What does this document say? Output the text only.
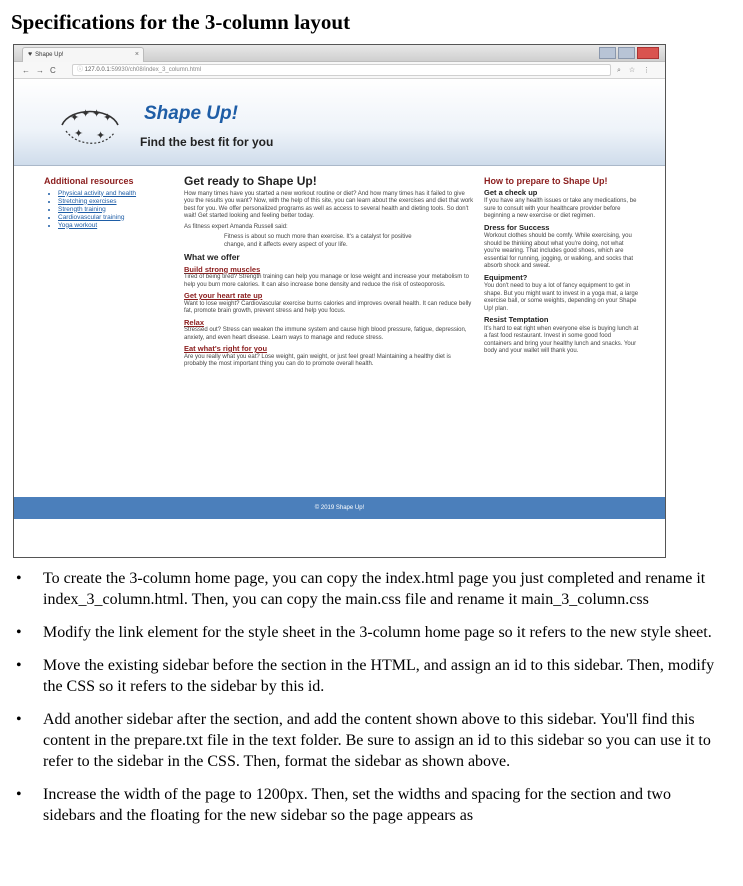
Specifications for the 3-column layout
♥ Shape Up!	×
← → C	ⓘ 127.0.0.1:59930/ch08/index_3_column.html	⌕ ☆ ⋮
✦ ✦ ✦ ✦
✦ ✦
Shape Up!
Find the best fit for you
Additional resources
• Physical activity and health
• Stretching exercises
• Strength training
• Cardiovascular training
• Yoga workout
Get ready to Shape Up!

How many times have you started a new workout routine or diet? And how many times has it failed to give you the results you want? Now, with the help of this site, you can learn about the exercises and diet that work best for you. We offer personalized programs as well as access to several health and dieting tools. So don't wait! Get started looking and feeling better today.

As fitness expert Amanda Russell said:

Fitness is about so much more than exercise. It's a catalyst for positive change, and it affects every aspect of your life.
What we offer
Build strong muscles

Tired of being tired? Strength training can help you manage or lose weight and increase your metabolism to help you burn more calories. It can also increase bone density and reduce the risk of osteoporosis.

Get your heart rate up

Want to lose weight? Cardiovascular exercise burns calories and improves overall health. It can reduce belly fat, promote brain growth, prevent stress and help you focus.

Relax

Stressed out? Stress can weaken the immune system and cause high blood pressure, fatigue, depression, anxiety, and even heart disease. Learn ways to manage and reduce stress.

Eat what's right for you

Are you really what you eat? Lose weight, gain weight, or just feel great! Maintaining a healthy diet is probably the most important thing you can do to promote overall health.

How to prepare to Shape Up!
Get a check up

If you have any health issues or take any medications, be sure to consult with your healthcare provider before beginning a new exercise or diet regimen.

Dress for Success

Workout clothes should be comfy. While exercising, you should be thinking about what you're doing, not what you're wearing. That includes good shoes, which are essential for running, jogging, or walking, and socks that absorb shock and sweat.

Equipment?

You don't need to buy a lot of fancy equipment to get in shape. But you might want to invest in a yoga mat, a large exercise ball, or some weights, depending on your Shape Up! plan.

Resist Temptation

It's hard to eat right when everyone else is buying lunch at a fast food restaurant. Invest in some good food containers and bring your healthy lunch and snacks. Your body and your wallet will thank you.

© 2019 Shape Up!
• To create the 3-column home page, you can copy the index.html page you just completed and rename it index_3_column.html. Then, you can copy the main.css file and rename it main_3_column.css
• Modify the link element for the style sheet in the 3-column home page so it refers to the new style sheet.
• Move the existing sidebar before the section in the HTML, and assign an id to this sidebar. Then, modify the CSS so it refers to the sidebar by this id.
• Add another sidebar after the section, and add the content shown above to this sidebar. You'll find this content in the prepare.txt file in the text folder. Be sure to assign an id to this sidebar so you can use it to refer to the sidebar in the CSS. Then, format the sidebar as shown above.
• Increase the width of the page to 1200px. Then, set the widths and spacing for the section and two sidebars and the floating for the new sidebar so the page appears as
